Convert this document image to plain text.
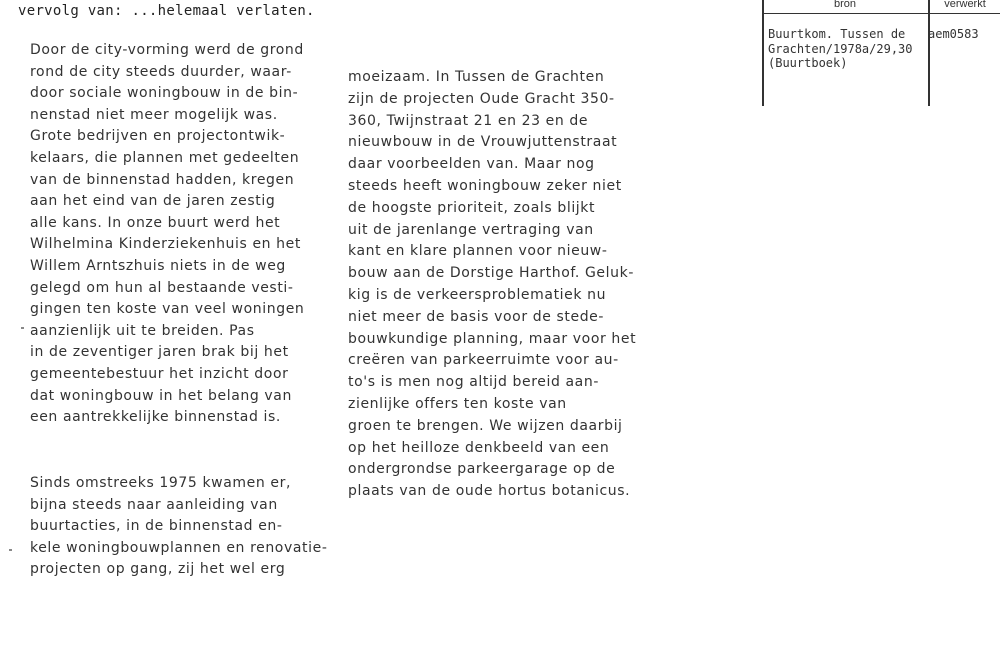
vervolg van: ...helemaal verlaten.	bron	verwerkt
Buurtkom. Tussen de
Grachten/1978a/29,30
(Buurtboek)
aem0583
Door de city-vorming werd de grond
rond de city steeds duurder, waar-
door sociale woningbouw in de bin-
nenstad niet meer mogelijk was.
Grote bedrijven en projectontwik-
kelaars, die plannen met gedeelten
van de binnenstad hadden, kregen
aan het eind van de jaren zestig
alle kans. In onze buurt werd het
Wilhelmina Kinderziekenhuis en het
Willem Arntszhuis niets in de weg
gelegd om hun al bestaande vesti-
gingen ten koste van veel woningen
aanzienlijk uit te breiden. Pas
in de zeventiger jaren brak bij het
gemeentebestuur het inzicht door
dat woningbouw in het belang van
een aantrekkelijke binnenstad is.
Sinds omstreeks 1975 kwamen er,
bijna steeds naar aanleiding van
buurtacties, in de binnenstad en-
kele woningbouwplannen en renovatie-
projecten op gang, zij het wel erg
moeizaam. In Tussen de Grachten
zijn de projecten Oude Gracht 350-
360, Twijnstraat 21 en 23 en de
nieuwbouw in de Vrouwjuttenstraat
daar voorbeelden van. Maar nog
steeds heeft woningbouw zeker niet
de hoogste prioriteit, zoals blijkt
uit de jarenlange vertraging van
kant en klare plannen voor nieuw-
bouw aan de Dorstige Harthof. Geluk-
kig is de verkeersproblematiek nu
niet meer de basis voor de stede-
bouwkundige planning, maar voor het
creëren van parkeerruimte voor au-
to's is men nog altijd bereid aan-
zienlijke offers ten koste van
groen te brengen. We wijzen daarbij
op het heilloze denkbeeld van een
ondergrondse parkeergarage op de
plaats van de oude hortus botanicus.
